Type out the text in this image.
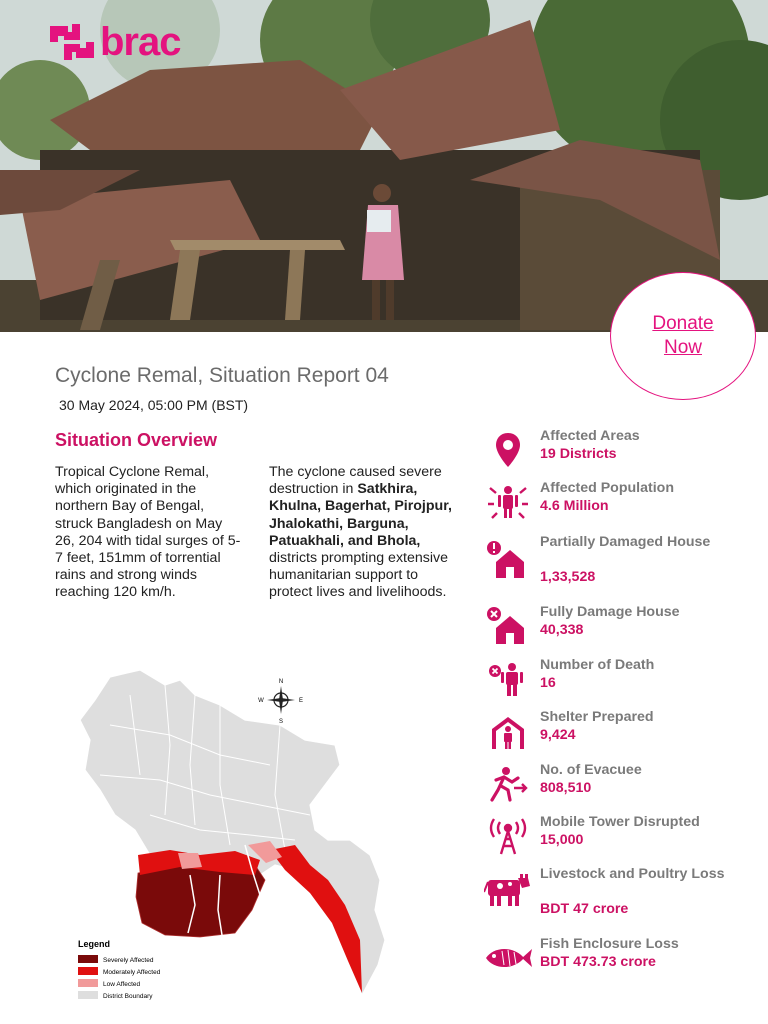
brac
Donate
Now
Cyclone Remal, Situation Report 04
30 May 2024, 05:00 PM (BST)
Situation Overview

Tropical Cyclone Remal, which originated in the northern Bay of Bengal, struck Bangladesh on May 26, 204 with tidal surges of 5-7 feet, 151mm of torrential rains and strong winds reaching 120 km/h.

The cyclone caused severe destruction in Satkhira, Khulna, Bagerhat, Pirojpur, Jhalokathi, Barguna, Patuakhali, and Bhola, districts prompting extensive humanitarian support to protect lives and livelihoods.

N
S
E
W
Legend
Severely Affected
Moderately Affected
Low Affected
District Boundary
Affected Areas
19 Districts
Affected Population
4.6 Million
Partially Damaged House
1,33,528
Fully Damage House
40,338
Number of Death
16
Shelter Prepared
9,424
No. of Evacuee
808,510
Mobile Tower Disrupted
15,000
Livestock and Poultry Loss
BDT 47 crore
Fish Enclosure Loss
BDT 473.73 crore
